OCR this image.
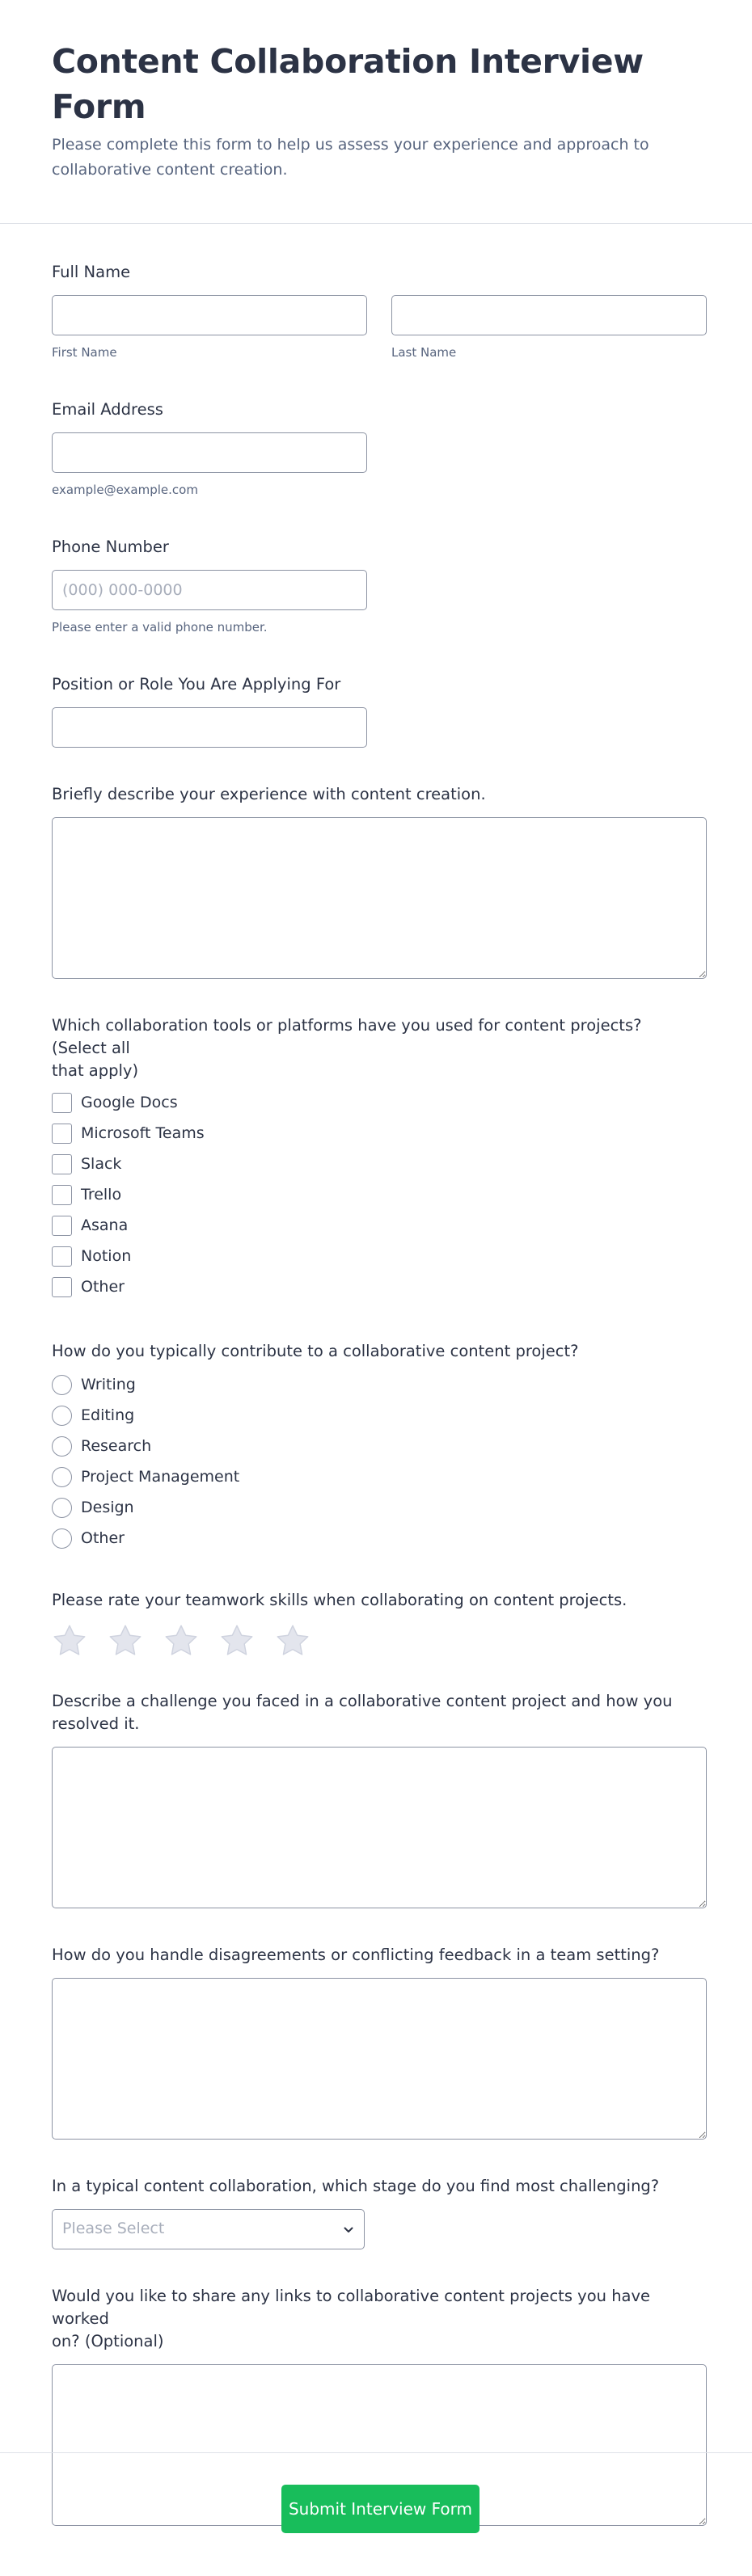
Content Collaboration Interview Form

Please complete this form to help us assess your experience and approach to
collaborative content creation.

Full Name
First Name	Last Name
Email Address
example@example.com
Phone Number
(000) 000-0000
Please enter a valid phone number.
Position or Role You Are Applying For
Briefly describe your experience with content creation.
Which collaboration tools or platforms have you used for content projects? (Select all
that apply)
Google Docs
Microsoft Teams
Slack
Trello
Asana
Notion
Other
How do you typically contribute to a collaborative content project?
Writing
Editing
Research
Project Management
Design
Other
Please rate your teamwork skills when collaborating on content projects.
Describe a challenge you faced in a collaborative content project and how you
resolved it.
How do you handle disagreements or conflicting feedback in a team setting?
In a typical content collaboration, which stage do you find most challenging?
Please Select
Would you like to share any links to collaborative content projects you have worked
on? (Optional)
Submit Interview Form
